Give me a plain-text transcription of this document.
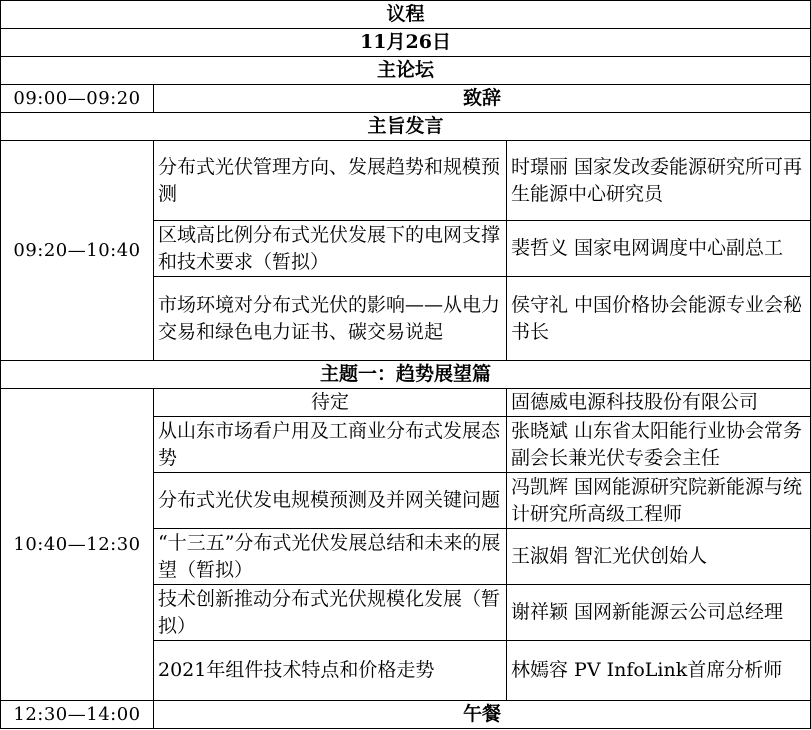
议程		
11月26日		
主论坛		
09:00—09:20	致辞	
主旨发言		
09:20—10:40	分布式光伏管理方向、发展趋势和规模预测	时璟丽 国家发改委能源研究所可再生能源中心研究员
	区域高比例分布式光伏发展下的电网支撑和技术要求（暂拟）	裴哲义 国家电网调度中心副总工
	市场环境对分布式光伏的影响——从电力交易和绿色电力证书、碳交易说起	侯守礼 中国价格协会能源专业会秘书长
主题一：趋势展望篇		
10:40—12:30	待定	固德威电源科技股份有限公司
	从山东市场看户用及工商业分布式发展态势	张晓斌 山东省太阳能行业协会常务副会长兼光伏专委会主任
	分布式光伏发电规模预测及并网关键问题	冯凯辉 国网能源研究院新能源与统计研究所高级工程师
	“十三五”分布式光伏发展总结和未来的展望（暂拟）	王淑娟 智汇光伏创始人
	技术创新推动分布式光伏规模化发展（暂拟）	谢祥颖 国网新能源云公司总经理
	2021年组件技术特点和价格走势	林嫣容 PV InfoLink首席分析师
12:30—14:00	午餐	
